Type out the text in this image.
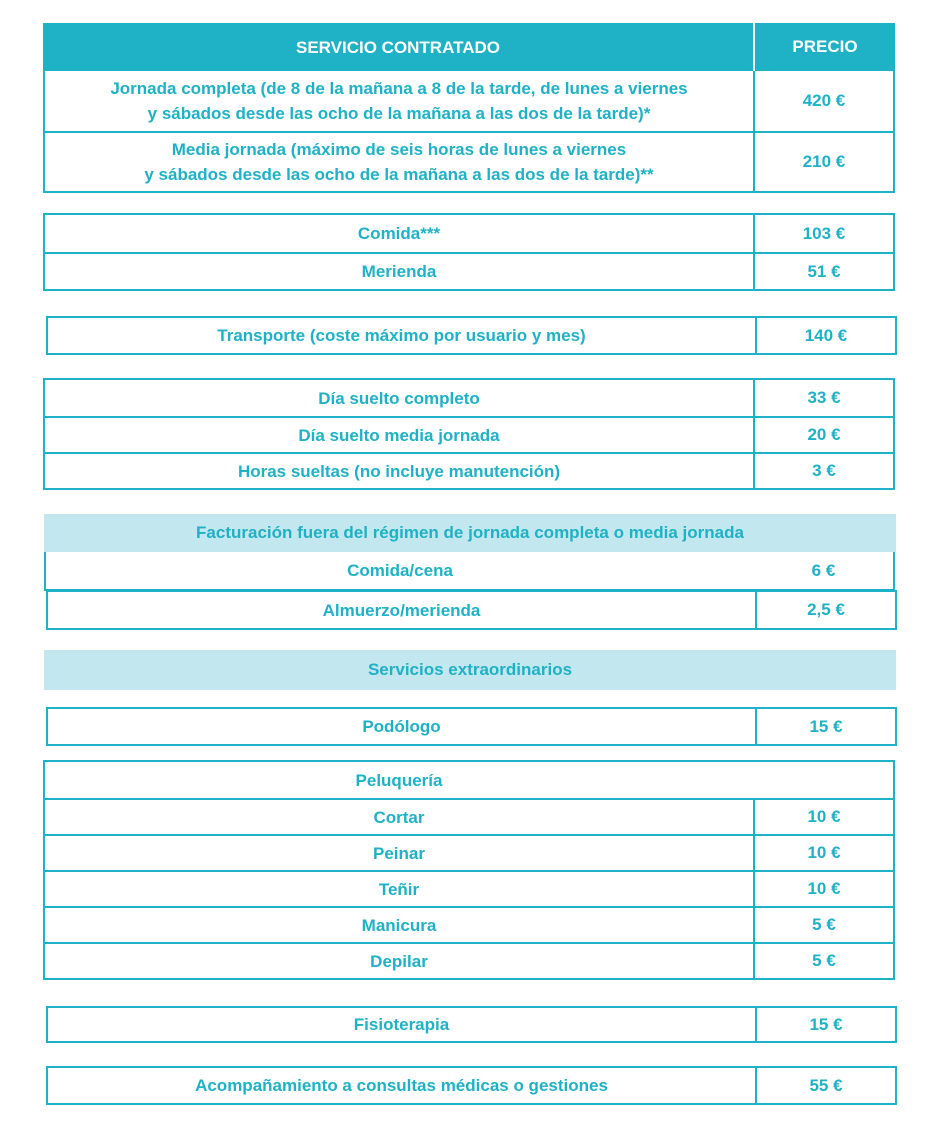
SERVICIO CONTRATADO	PRECIO
Jornada completa (de 8 de la mañana a 8 de la tarde, de lunes a viernes
y sábados desde las ocho de la mañana a las dos de la tarde)*
420 €
Media jornada (máximo de seis horas de lunes a viernes
y sábados desde las ocho de la mañana a las dos de la tarde)**
210 €
Comida***	103 €
Merienda	51 €
Transporte (coste máximo por usuario y mes)	140 €
Día suelto completo	33 €
Día suelto media jornada	20 €
Horas sueltas (no incluye manutención)	3 €
Facturación fuera del régimen de jornada completa o media jornada
Comida/cena	6 €
Almuerzo/merienda	2,5 €
Servicios extraordinarios
Podólogo	15 €
Peluquería
Cortar	10 €
Peinar	10 €
Teñir	10 €
Manicura	5 €
Depilar	5 €
Fisioterapia	15 €
Acompañamiento a consultas médicas o gestiones	55 €
